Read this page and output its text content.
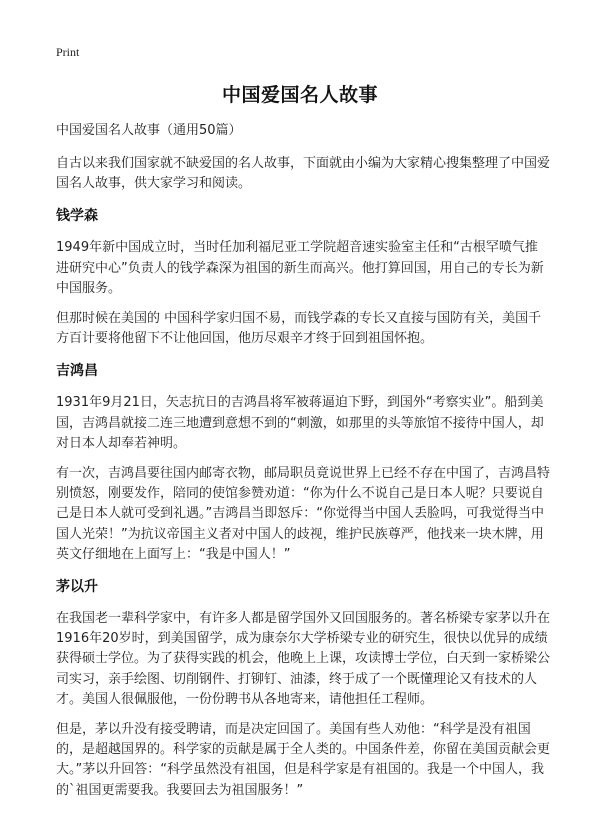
Print
中国爱国名人故事
中国爱国名人故事（通用50篇）

自古以来我们国家就不缺爱国的名人故事，下面就由小编为大家精心搜集整理了中国爱国名人故事，供大家学习和阅读。

钱学森

1949年新中国成立时，当时任加利福尼亚工学院超音速实验室主任和“古根罕喷气推进研究中心”负责人的钱学森深为祖国的新生而高兴。他打算回国，用自己的专长为新中国服务。

但那时候在美国的 中国科学家归国不易，而钱学森的专长又直接与国防有关，美国千方百计要将他留下不让他回国，他历尽艰辛才终于回到祖国怀抱。

吉鸿昌

1931年9月21日，矢志抗日的吉鸿昌将军被蒋逼迫下野，到国外“考察实业”。船到美国，吉鸿昌就接二连三地遭到意想不到的“刺激，如那里的头等旅馆不接待中国人，却对日本人却奉若神明。

有一次，吉鸿昌要往国内邮寄衣物，邮局职员竟说世界上已经不存在中国了，吉鸿昌特别愤怒，刚要发作，陪同的使馆参赞劝道：“你为什么不说自己是日本人呢？只要说自己是日本人就可受到礼遇。”吉鸿昌当即怒斥：“你觉得当中国人丢脸吗，可我觉得当中国人光荣！”为抗议帝国主义者对中国人的歧视，维护民族尊严，他找来一块木牌，用英文仔细地在上面写上：“我是中国人！”

茅以升

在我国老一辈科学家中，有许多人都是留学国外又回国服务的。著名桥梁专家茅以升在1916年20岁时，到美国留学，成为康奈尔大学桥梁专业的研究生，很快以优异的成绩获得硕士学位。为了获得实践的机会，他晚上上课，攻读博士学位，白天到一家桥梁公司实习，亲手绘图、切削钢件、打铆钉、油漆，终于成了一个既懂理论又有技术的人才。美国人很佩服他，一份份聘书从各地寄来，请他担任工程师。

但是，茅以升没有接受聘请，而是决定回国了。美国有些人劝他：“科学是没有祖国的，是超越国界的。科学家的贡献是属于全人类的。中国条件差，你留在美国贡献会更大。”茅以升回答：“科学虽然没有祖国，但是科学家是有祖国的。我是一个中国人，我的`祖国更需要我。我要回去为祖国服务！”
